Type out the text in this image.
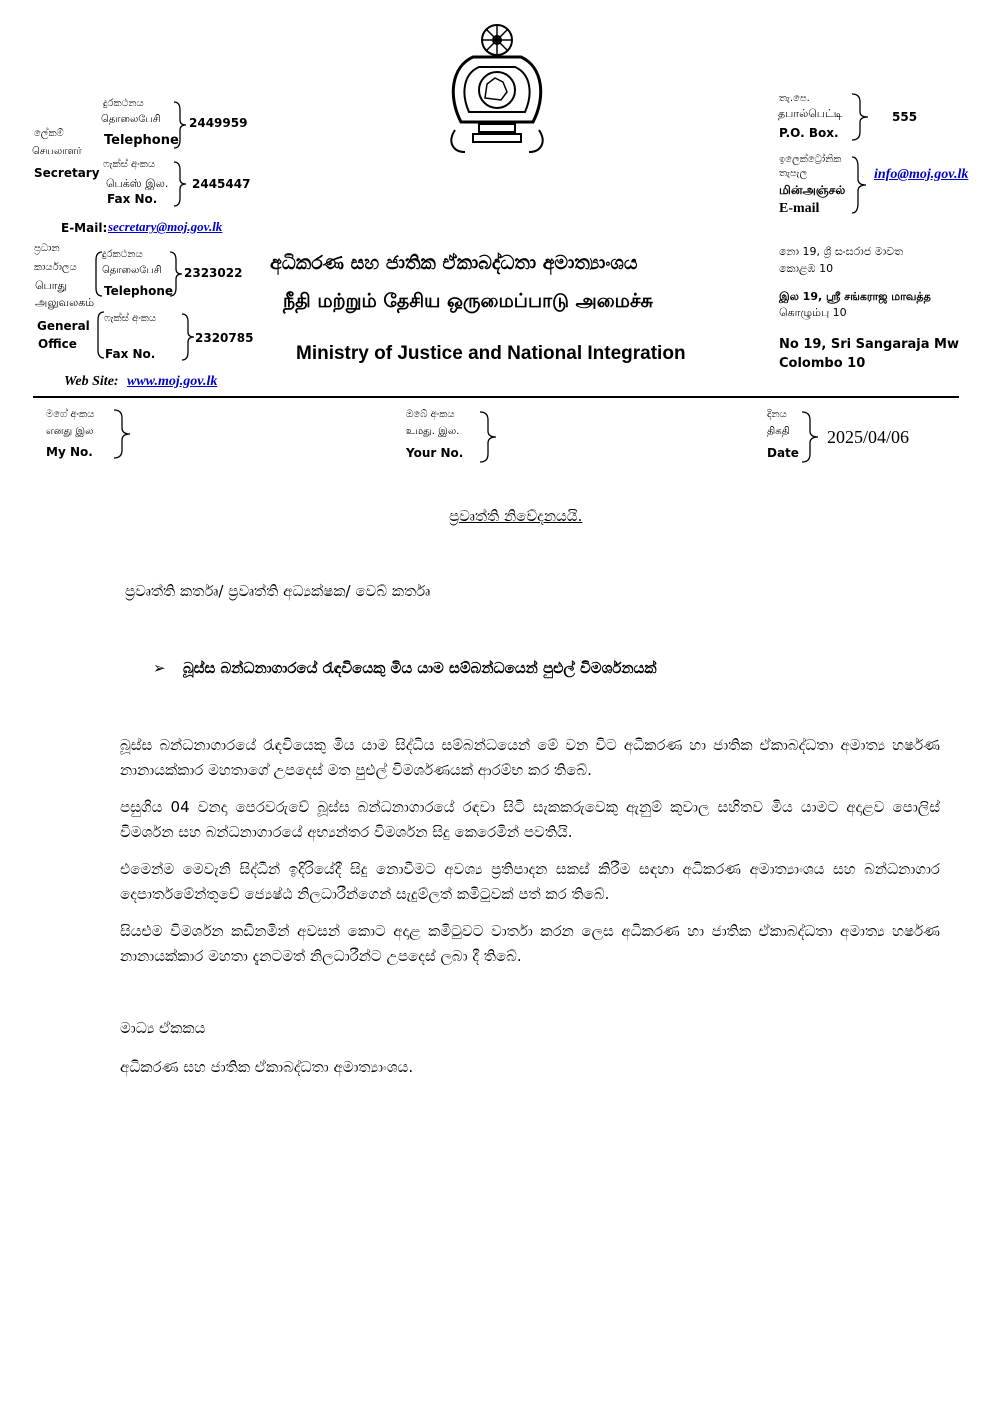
දුරකථනය
தொலைபேசி
Telephone
2449959
ලේකම්
செயலாளர்
Secretary
ෆැක්ස් අංකය
பெக்ஸ் இல.
Fax No.
2445447
E-Mail: secretary@moj.gov.lk
ප්‍රධාන
කාර්යාලය
பொது
அலுவலகம்
General
Office
දුරකථනය
தொலைபேசி
Telephone
2323022
ෆැක්ස් අංකය
Fax No.
2320785
Web Site: www.moj.gov.lk
අධිකරණ සහ ජාතික ඒකාබද්ධතා අමාත්‍යාංශය
நீதி மற்றும் தேசிய ஒருமைப்பாடு அமைச்சு
Ministry of Justice and National Integration
තැ.පෙ.
தபால்பெட்டி
P.O. Box.
555
ඉලෙක්ට්‍රෝනික
තැපැල
மின்அஞ்சல்
E-mail
info@moj.gov.lk
නො 19, ශ්‍රී සංඝරාජ මාවත
කොළඹ 10
இல 19, ஸ்ரீ சங்கராஜ மாவத்த
கொழும்பு 10
No 19, Sri Sangaraja Mw
Colombo 10
මගේ අංකය
எனது இல
My No.
ඔබේ අංකය
உமது. இல.
Your No.
දිනය
திகதி
Date
2025/04/06
ප්‍රවෘත්ති නිවේදනයයි.
ප්‍රවෘත්ති කර්තෘ/ ප්‍රවෘත්ති අධ්‍යක්ෂක/ වෙබ් කර්තෘ
➢ බූස්ස බන්ධනාගාරයේ රැඳවියෙකු මිය යාම සම්බන්ධයෙන් පුළුල් විමර්ශනයක්
බූස්ස බන්ධනාගාරයේ රැඳවියෙකු මිය යාම සිද්ධිය සම්බන්ධයෙන් මේ වන විට අධිකරණ හා ජාතික ඒකාබද්ධතා අමාත්‍ය හර්ෂණ නානායක්කාර මහතාගේ උපදෙස් මත පුළුල් විමර්ශණයක් ආරම්භ කර තිබේ.
පසුගිය 04 වනදා පෙරවරුවේ බූස්ස බන්ධනාගාරයේ රඳවා සිටි සැකකරුවෙකු ඇනුම් කුවාල සහිතව මිය යාමට අදාළව පොලිස් විමර්ශන සහ බන්ධනාගාරයේ අභ්‍යන්තර විමර්ශන සිදු කෙරෙමින් පවතියි.
එමෙන්ම මෙවැනි සිද්ධීන් ඉදිරියේදී සිදු නොවීමට අවශ්‍ය ප්‍රතිපාදන සකස් කිරීම සඳහා අධිකරණ අමාත්‍යාංශය සහ බන්ධනාගාර දෙපාර්තමේන්තුවේ ජ්‍යෙෂ්ඨ නිලධාරීන්ගෙන් සැදුම්ලත් කමිටුවක් පත් කර තිබේ.
සියළුම විමර්ශන කඩිනමින් අවසන් කොට අදාළ කමිටුවට වාර්තා කරන ලෙස අධිකරණ හා ජාතික ඒකාබද්ධතා අමාත්‍ය හර්ෂණ නානායක්කාර මහතා දැනටමත් නිලධාරීන්ට උපදෙස් ලබා දී තිබේ.
මාධ්‍ය ඒකකය
අධිකරණ සහ ජාතික ඒකාබද්ධතා අමාත්‍යාංශය.
